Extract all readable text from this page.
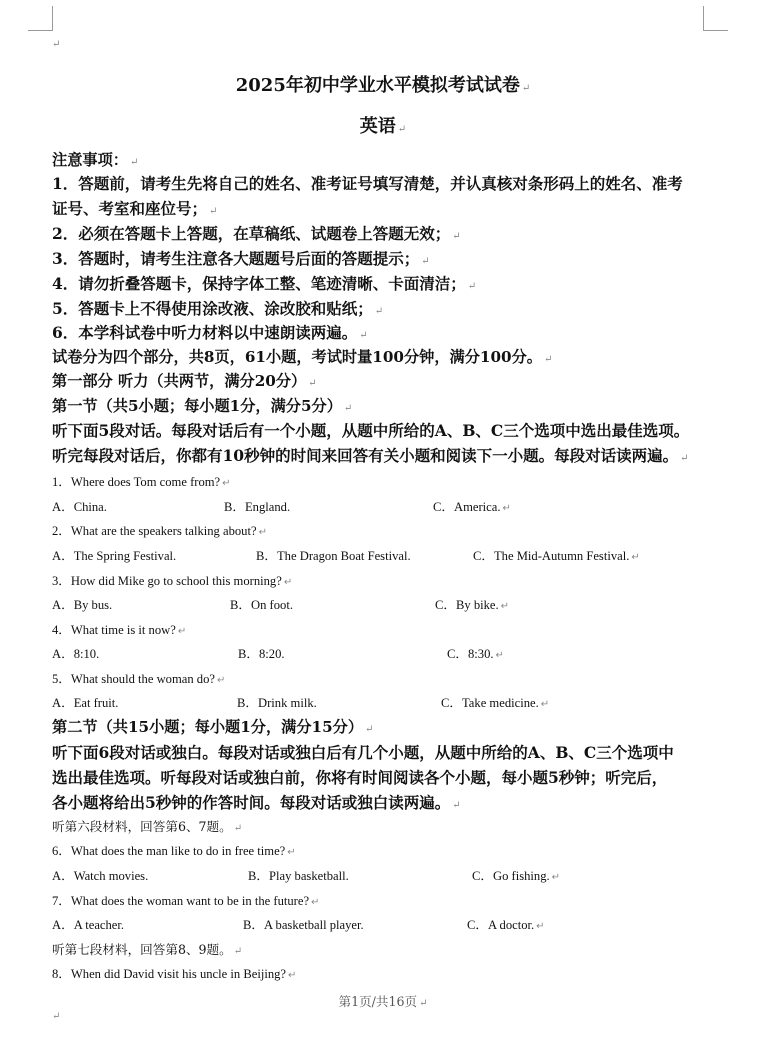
↵
2025年初中学业水平模拟考试试卷 ↵
英语 ↵
注意事项： ↵
1．答题前，请考生先将自己的姓名、准考证号填写清楚，并认真核对条形码上的姓名、准考
证号、考室和座位号； ↵
2．必须在答题卡上答题，在草稿纸、试题卷上答题无效； ↵
3．答题时，请考生注意各大题题号后面的答题提示； ↵
4．请勿折叠答题卡，保持字体工整、笔迹清晰、卡面清洁； ↵
5．答题卡上不得使用涂改液、涂改胶和贴纸； ↵
6．本学科试卷中听力材料以中速朗读两遍。 ↵
试卷分为四个部分，共8页，61小题，考试时量100分钟，满分100分。 ↵
第一部分 听力（共两节，满分20分） ↵
第一节（共5小题；每小题1分，满分5分） ↵
听下面5段对话。每段对话后有一个小题，从题中所给的A、B、C三个选项中选出最佳选项。
听完每段对话后，你都有10秒钟的时间来回答有关小题和阅读下一小题。每段对话读两遍。 ↵
1．Where does Tom come from? ↵
A．China.	B．England.	C．America. ↵
2．What are the speakers talking about? ↵
A．The Spring Festival.	B．The Dragon Boat Festival.	C．The Mid-Autumn Festival. ↵
3．How did Mike go to school this morning? ↵
A．By bus.	B．On foot.	C．By bike. ↵
4．What time is it now? ↵
A．8:10.	B．8:20.	C．8:30. ↵
5．What should the woman do? ↵
A．Eat fruit.	B．Drink milk.	C．Take medicine. ↵
第二节（共15小题；每小题1分，满分15分） ↵
听下面6段对话或独白。每段对话或独白后有几个小题，从题中所给的A、B、C三个选项中
选出最佳选项。听每段对话或独白前，你将有时间阅读各个小题，每小题5秒钟；听完后，
各小题将给出5秒钟的作答时间。每段对话或独白读两遍。 ↵
听第六段材料，回答第6、7题。 ↵
6．What does the man like to do in free time? ↵
A．Watch movies.	B．Play basketball.	C．Go fishing. ↵
7．What does the woman want to be in the future? ↵
A．A teacher.	B．A basketball player.	C．A doctor. ↵
听第七段材料，回答第8、9题。 ↵
8．When did David visit his uncle in Beijing? ↵
第1页/共16页 ↵
↵
